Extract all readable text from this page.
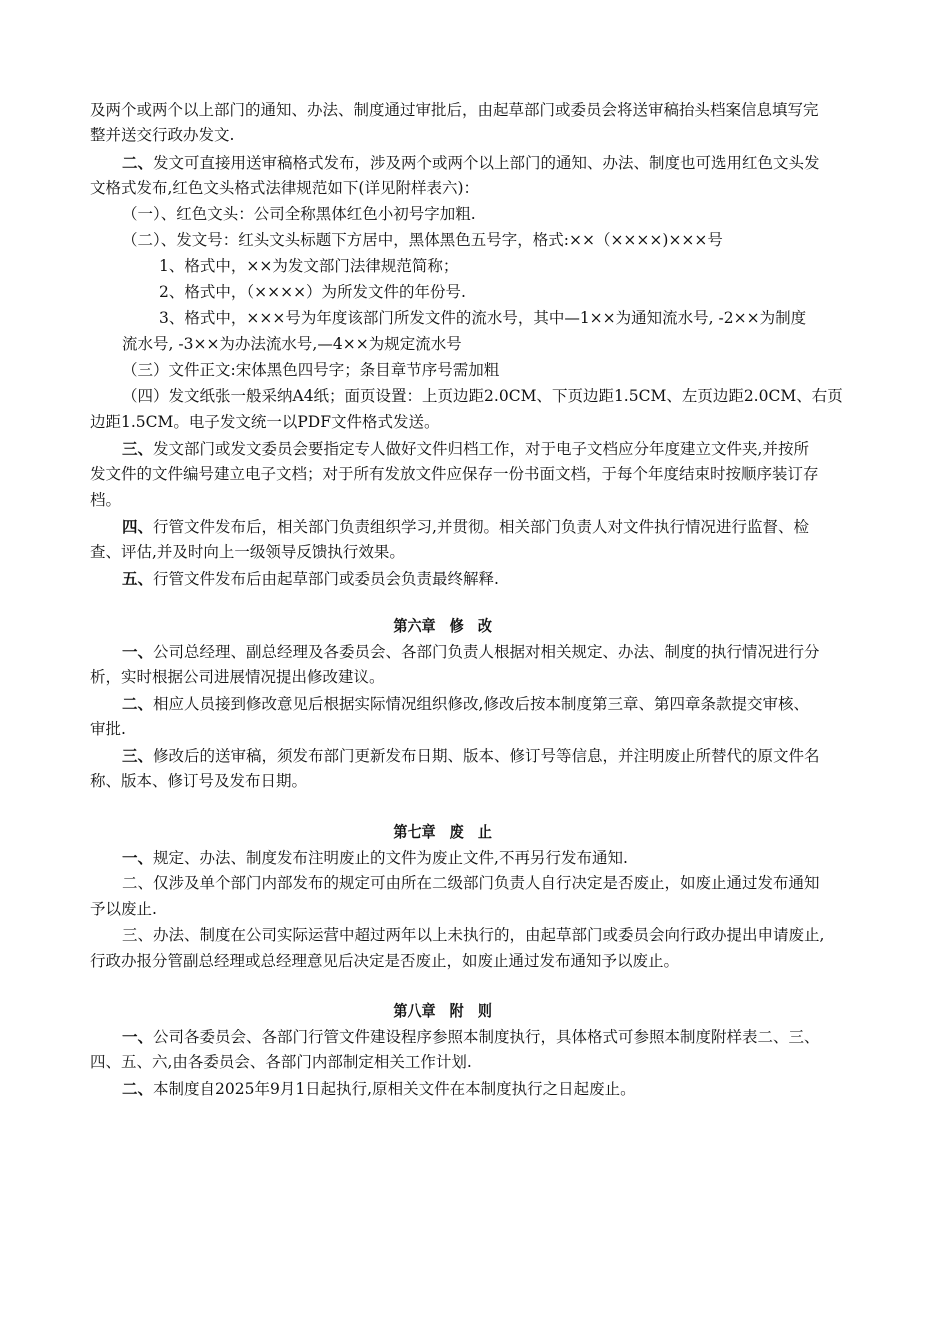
及两个或两个以上部门的通知、办法、制度通过审批后，由起草部门或委员会将送审稿抬头档案信息填写完
整并送交行政办发文.
二、发文可直接用送审稿格式发布，涉及两个或两个以上部门的通知、办法、制度也可选用红色文头发
文格式发布,红色文头格式法律规范如下(详见附样表六)：
（一）、红色文头：公司全称黑体红色小初号字加粗.
（二）、发文号：红头文头标题下方居中，黑体黑色五号字，格式:××（××××)×××号
1、格式中，××为发文部门法律规范简称；
2、格式中，（××××）为所发文件的年份号.
3、格式中，×××号为年度该部门所发文件的流水号，其中—1××为通知流水号, -2××为制度
流水号, -3××为办法流水号,—4××为规定流水号
（三）文件正文:宋体黑色四号字；条目章节序号需加粗
（四）发文纸张一般采纳A4纸；面页设置：上页边距2.0CM、下页边距1.5CM、左页边距2.0CM、右页
边距1.5CM。电子发文统一以PDF文件格式发送。
三、发文部门或发文委员会要指定专人做好文件归档工作，对于电子文档应分年度建立文件夹,并按所
发文件的文件编号建立电子文档；对于所有发放文件应保存一份书面文档，于每个年度结束时按顺序装订存
档。
四、行管文件发布后，相关部门负责组织学习,并贯彻。相关部门负责人对文件执行情况进行监督、检
查、评估,并及时向上一级领导反馈执行效果。
五、行管文件发布后由起草部门或委员会负责最终解释.
第六章　修　改
一、公司总经理、副总经理及各委员会、各部门负责人根据对相关规定、办法、制度的执行情况进行分
析，实时根据公司进展情况提出修改建议。
二、相应人员接到修改意见后根据实际情况组织修改,修改后按本制度第三章、第四章条款提交审核、
审批.
三、修改后的送审稿，须发布部门更新发布日期、版本、修订号等信息，并注明废止所替代的原文件名
称、版本、修订号及发布日期。
第七章　废　止
一、规定、办法、制度发布注明废止的文件为废止文件,不再另行发布通知.
二、仅涉及单个部门内部发布的规定可由所在二级部门负责人自行决定是否废止，如废止通过发布通知
予以废止.
三、办法、制度在公司实际运营中超过两年以上未执行的，由起草部门或委员会向行政办提出申请废止,
行政办报分管副总经理或总经理意见后决定是否废止，如废止通过发布通知予以废止。
第八章　附　则
一、公司各委员会、各部门行管文件建设程序参照本制度执行，具体格式可参照本制度附样表二、三、
四、五、六,由各委员会、各部门内部制定相关工作计划.
二、本制度自2025年9月1日起执行,原相关文件在本制度执行之日起废止。
